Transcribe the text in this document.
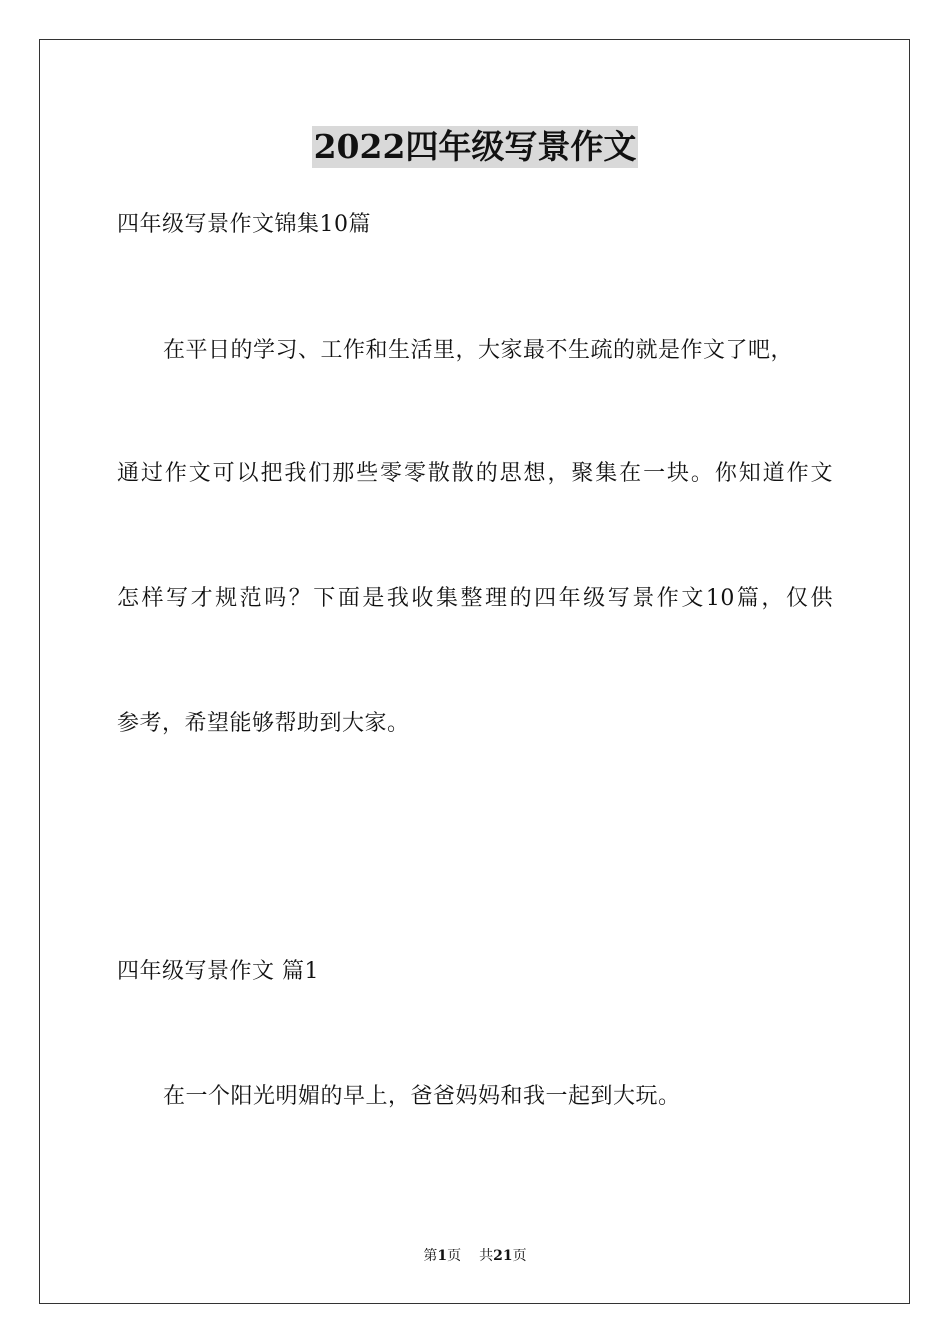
2022四年级写景作文
四年级写景作文锦集10篇
在平日的学习、工作和生活里，大家最不生疏的就是作文了吧，
通过作文可以把我们那些零零散散的思想，聚集在一块。你知道作文
怎样写才规范吗？下面是我收集整理的四年级写景作文10篇，仅供
参考，希望能够帮助到大家。
四年级写景作文 篇1
在一个阳光明媚的早上，爸爸妈妈和我一起到大玩。
第1页 共21页
